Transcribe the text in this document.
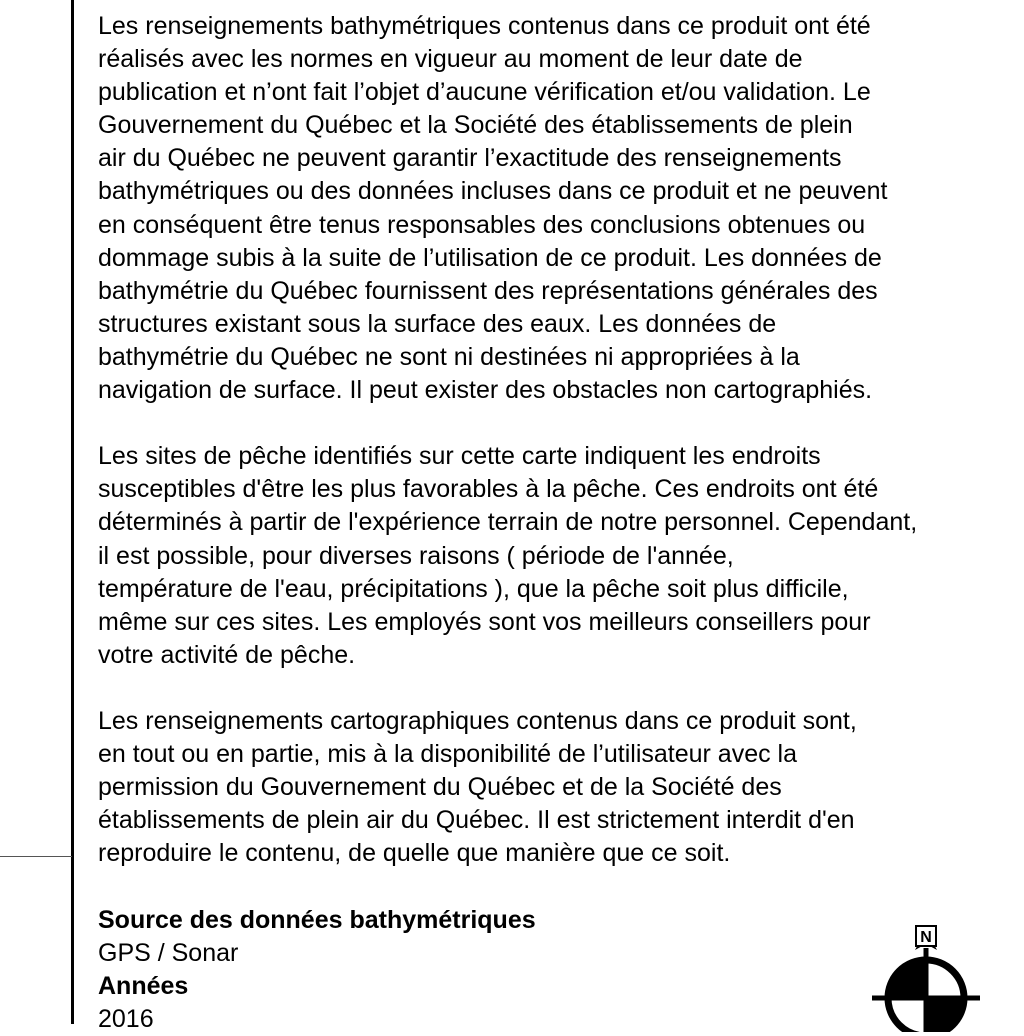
Les renseignements bathymétriques contenus dans ce produit ont été
réalisés avec les normes en vigueur au moment de leur date de
publication et n’ont fait l’objet d’aucune vérification et/ou validation. Le
Gouvernement du Québec et la Société des établissements de plein
air du Québec ne peuvent garantir l’exactitude des renseignements
bathymétriques ou des données incluses dans ce produit et ne peuvent
en conséquent être tenus responsables des conclusions obtenues ou
dommage subis à la suite de l’utilisation de ce produit. Les données de
bathymétrie du Québec fournissent des représentations générales des
structures existant sous la surface des eaux. Les données de
bathymétrie du Québec ne sont ni destinées ni appropriées à la
navigation de surface. Il peut exister des obstacles non cartographiés.
Les sites de pêche identifiés sur cette carte indiquent les endroits
susceptibles d'être les plus favorables à la pêche. Ces endroits ont été
déterminés à partir de l'expérience terrain de notre personnel. Cependant,
il est possible, pour diverses raisons ( période de l'année,
température de l'eau, précipitations ), que la pêche soit plus difficile,
même sur ces sites. Les employés sont vos meilleurs conseillers pour
votre activité de pêche.
Les renseignements cartographiques contenus dans ce produit sont,
en tout ou en partie, mis à la disponibilité de l’utilisateur avec la
permission du Gouvernement du Québec et de la Société des
établissements de plein air du Québec. Il est strictement interdit d'en
reproduire le contenu, de quelle que manière que ce soit.
Source des données bathymétriques
GPS / Sonar
Années
2016
N
